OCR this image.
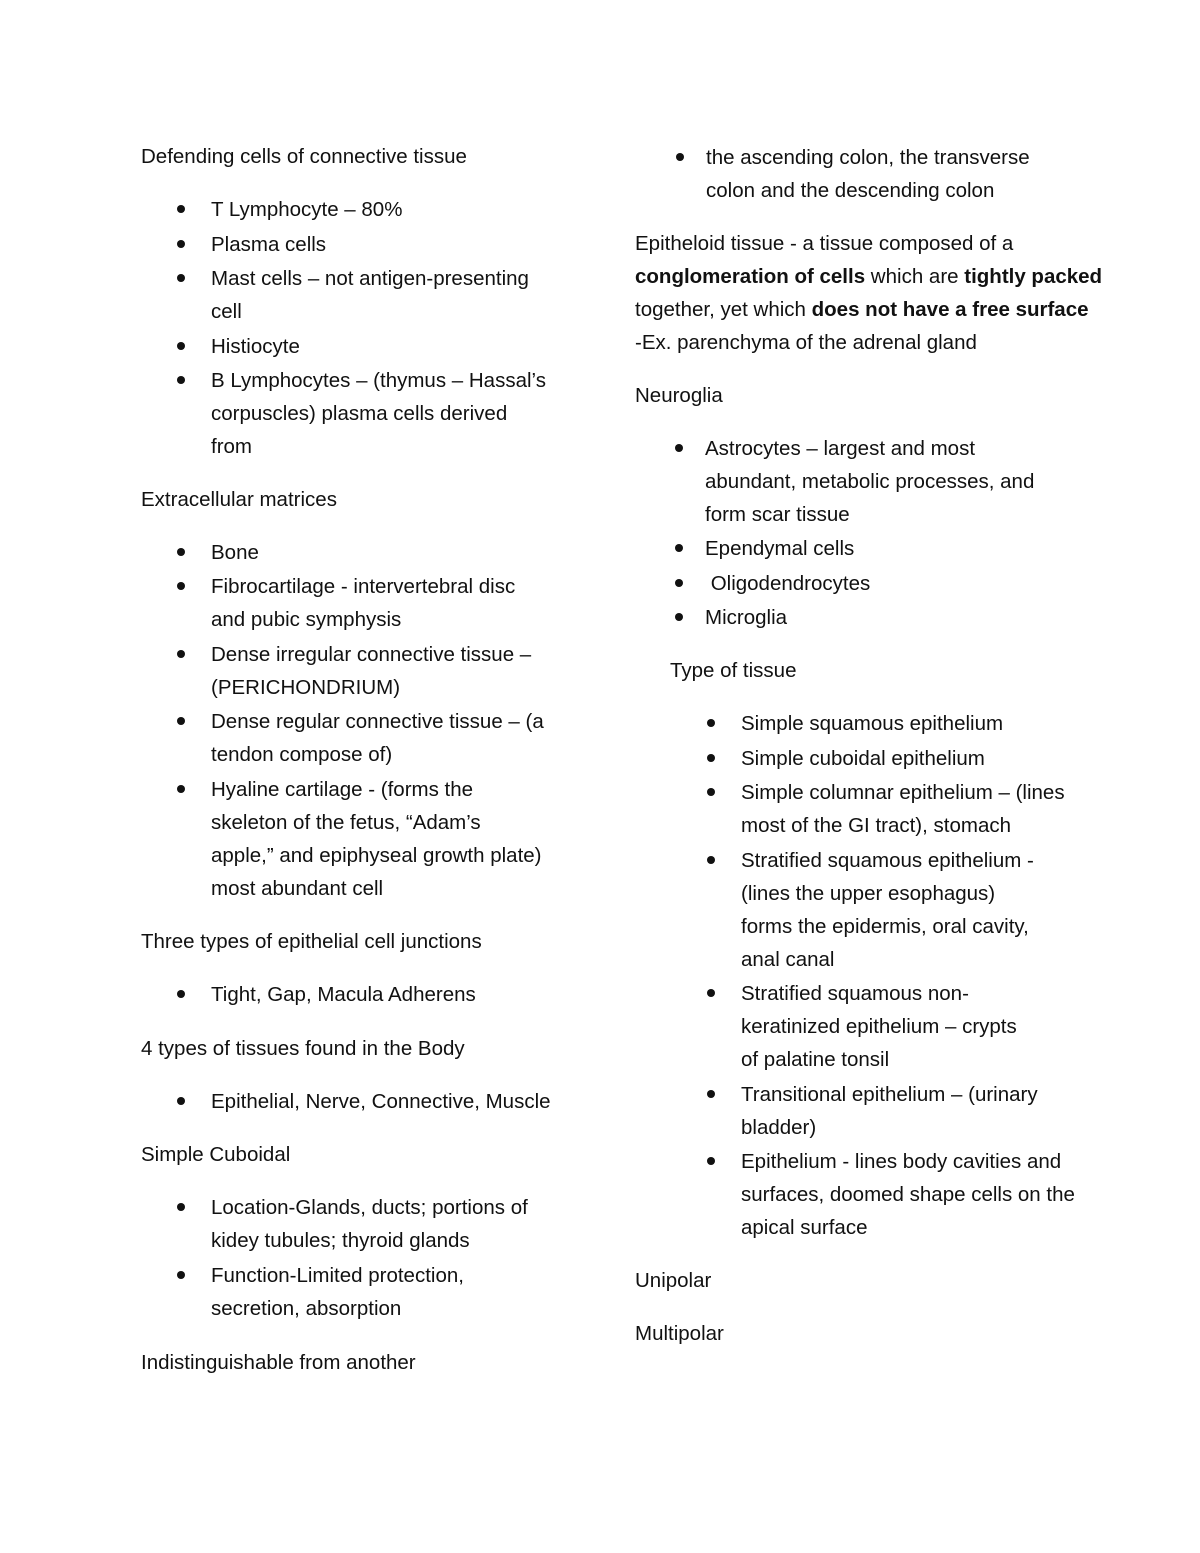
Defending cells of connective tissue
T Lymphocyte – 80%
Plasma cells
Mast cells – not antigen-presenting
cell
Histiocyte
B Lymphocytes – (thymus – Hassal’s
corpuscles) plasma cells derived
from
Extracellular matrices
Bone
Fibrocartilage - intervertebral disc
and pubic symphysis
Dense irregular connective tissue –
(PERICHONDRIUM)
Dense regular connective tissue – (a
tendon compose of)
Hyaline cartilage - (forms the
skeleton of the fetus, “Adam’s
apple,” and epiphyseal growth plate)
most abundant cell
Three types of epithelial cell junctions
Tight, Gap, Macula Adherens
4 types of tissues found in the Body
Epithelial, Nerve, Connective, Muscle
Simple Cuboidal
Location-Glands, ducts; portions of
kidey tubules; thyroid glands
Function-Limited protection,
secretion, absorption
Indistinguishable from another
the ascending colon, the transverse
colon and the descending colon
Epitheloid tissue - a tissue composed of a
conglomeration of cells which are tightly packed
together, yet which does not have a free surface
-Ex. parenchyma of the adrenal gland
Neuroglia
Astrocytes – largest and most
abundant, metabolic processes, and
form scar tissue
Ependymal cells
Oligodendrocytes
Microglia
Type of tissue
Simple squamous epithelium
Simple cuboidal epithelium
Simple columnar epithelium – (lines
most of the GI tract), stomach
Stratified squamous epithelium -
(lines the upper esophagus)
forms the epidermis, oral cavity,
anal canal
Stratified squamous non-
keratinized epithelium – crypts
of palatine tonsil
Transitional epithelium – (urinary
bladder)
Epithelium - lines body cavities and
surfaces, doomed shape cells on the
apical surface
Unipolar
Multipolar
